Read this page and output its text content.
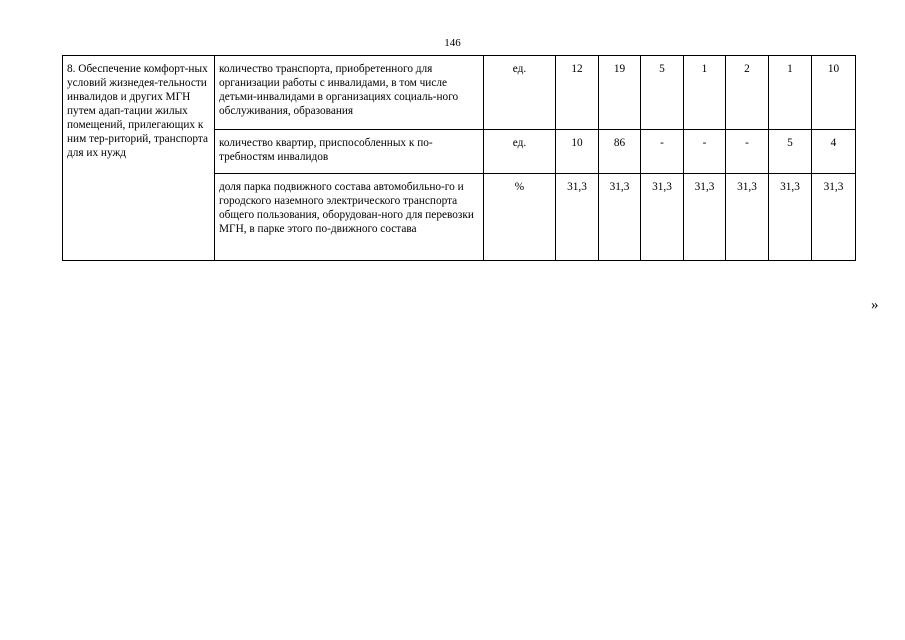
146
8. Обеспечение комфорт-ных условий жизнедея-тельности инвалидов и других МГН путем адап-тации жилых помещений, прилегающих к ним тер-риторий, транспорта для их нужд	количество транспорта, приобретенного для организации работы с инвалидами, в том числе детьми-инвалидами в организациях социаль-ного обслуживания, образования	ед.	12	19	5	1	2	1	10
	количество квартир, приспособленных к по-требностям инвалидов	ед.	10	86	-	-	-	5	4
	доля парка подвижного состава автомобильно-го и городского наземного электрического транспорта общего пользования, оборудован-ного для перевозки МГН, в парке этого по-движного состава	%	31,3	31,3	31,3	31,3	31,3	31,3	31,3
»
